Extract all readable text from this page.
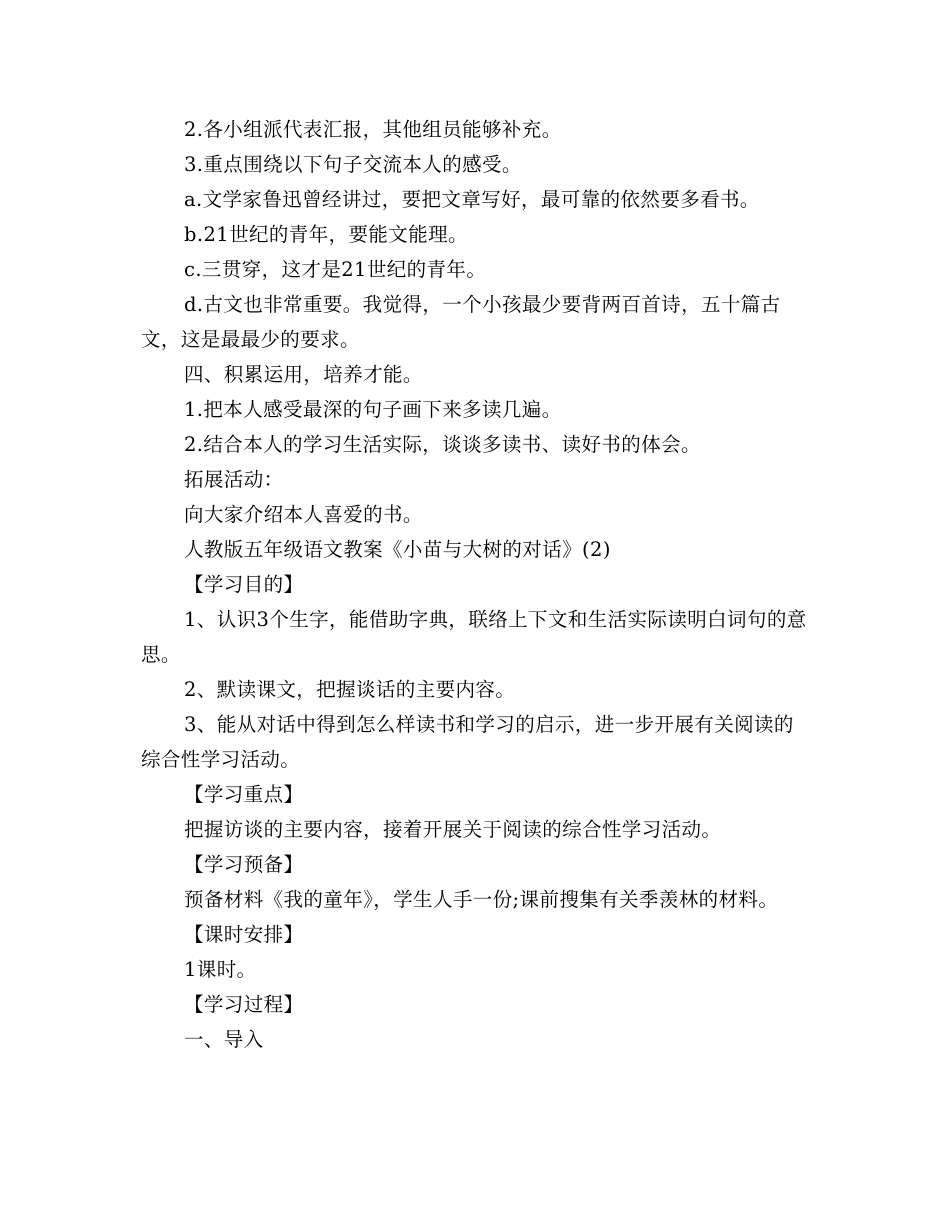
2.各小组派代表汇报，其他组员能够补充。

3.重点围绕以下句子交流本人的感受。

a.文学家鲁迅曾经讲过，要把文章写好，最可靠的依然要多看书。

b.21世纪的青年，要能文能理。

c.三贯穿，这才是21世纪的青年。

d.古文也非常重要。我觉得，一个小孩最少要背两百首诗，五十篇古文，这是最最少的要求。

四、积累运用，培养才能。

1.把本人感受最深的句子画下来多读几遍。

2.结合本人的学习生活实际，谈谈多读书、读好书的体会。

拓展活动：

向大家介绍本人喜爱的书。

人教版五年级语文教案《小苗与大树的对话》(2)

【学习目的】

1、认识3个生字，能借助字典，联络上下文和生活实际读明白词句的意思。

2、默读课文，把握谈话的主要内容。

3、能从对话中得到怎么样读书和学习的启示，进一步开展有关阅读的综合性学习活动。

【学习重点】

把握访谈的主要内容，接着开展关于阅读的综合性学习活动。

【学习预备】

预备材料《我的童年》，学生人手一份;课前搜集有关季羡林的材料。

【课时安排】

1课时。

【学习过程】

一、导入
